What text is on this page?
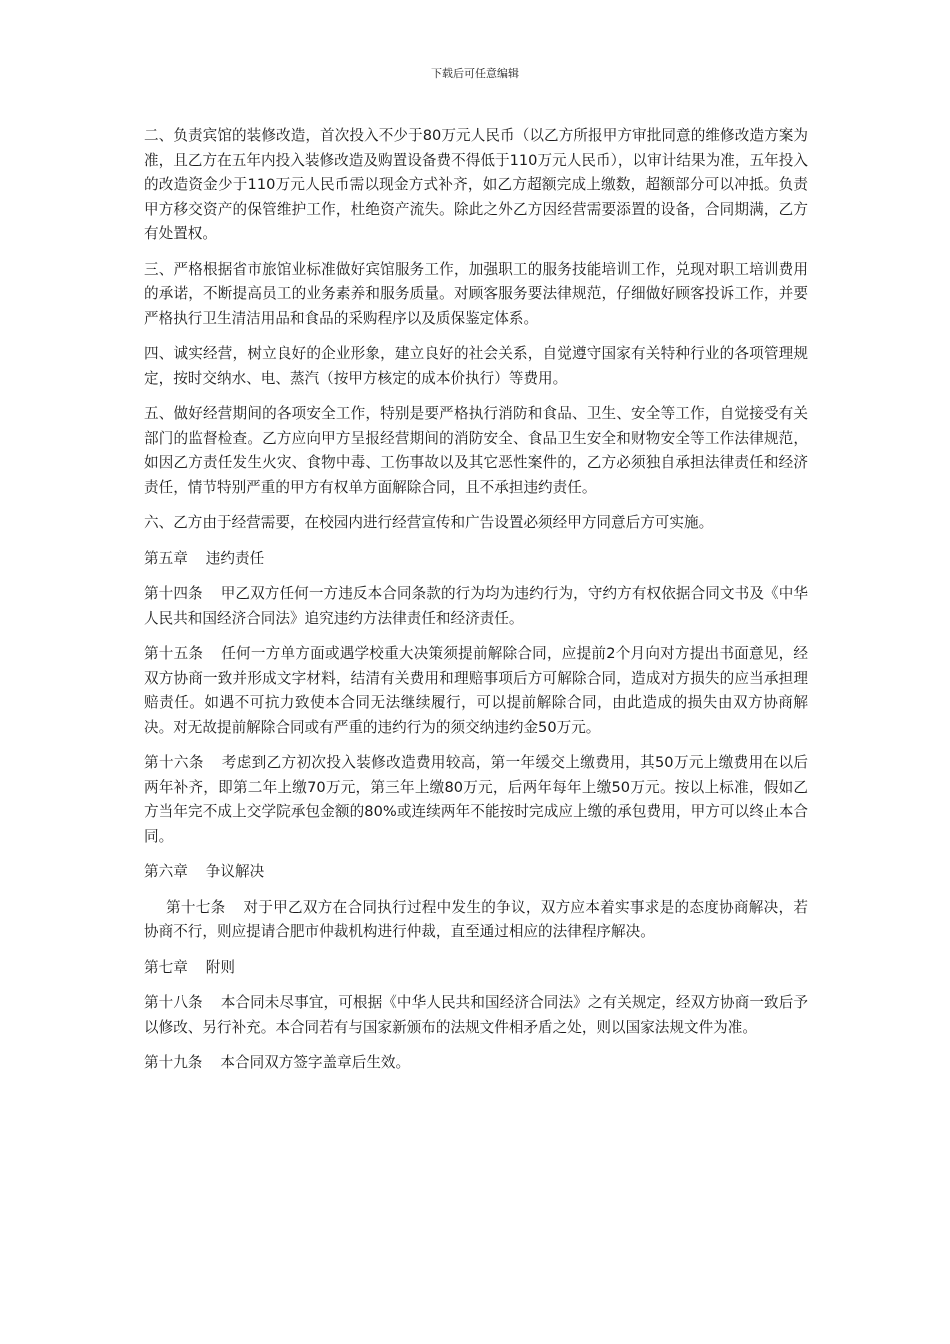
下载后可任意编辑

二、负责宾馆的装修改造，首次投入不少于80万元人民币（以乙方所报甲方审批同意的维修改造方案为准，且乙方在五年内投入装修改造及购置设备费不得低于110万元人民币），以审计结果为准，五年投入的改造资金少于110万元人民币需以现金方式补齐，如乙方超额完成上缴数，超额部分可以冲抵。负责甲方移交资产的保管维护工作，杜绝资产流失。除此之外乙方因经营需要添置的设备，合同期满，乙方有处置权。

三、严格根据省市旅馆业标准做好宾馆服务工作，加强职工的服务技能培训工作，兑现对职工培训费用的承诺，不断提高员工的业务素养和服务质量。对顾客服务要法律规范，仔细做好顾客投诉工作，并要严格执行卫生清洁用品和食品的采购程序以及质保鉴定体系。

四、诚实经营，树立良好的企业形象，建立良好的社会关系，自觉遵守国家有关特种行业的各项管理规定，按时交纳水、电、蒸汽（按甲方核定的成本价执行）等费用。

五、做好经营期间的各项安全工作，特别是要严格执行消防和食品、卫生、安全等工作，自觉接受有关部门的监督检查。乙方应向甲方呈报经营期间的消防安全、食品卫生安全和财物安全等工作法律规范，如因乙方责任发生火灾、食物中毒、工伤事故以及其它恶性案件的，乙方必须独自承担法律责任和经济责任，情节特别严重的甲方有权单方面解除合同，且不承担违约责任。

六、乙方由于经营需要，在校园内进行经营宣传和广告设置必须经甲方同意后方可实施。

第五章 违约责任

第十四条 甲乙双方任何一方违反本合同条款的行为均为违约行为，守约方有权依据合同文书及《中华人民共和国经济合同法》追究违约方法律责任和经济责任。

第十五条 任何一方单方面或遇学校重大决策须提前解除合同，应提前2个月向对方提出书面意见，经双方协商一致并形成文字材料，结清有关费用和理赔事项后方可解除合同，造成对方损失的应当承担理赔责任。如遇不可抗力致使本合同无法继续履行，可以提前解除合同，由此造成的损失由双方协商解决。对无故提前解除合同或有严重的违约行为的须交纳违约金50万元。

第十六条 考虑到乙方初次投入装修改造费用较高，第一年缓交上缴费用，其50万元上缴费用在以后两年补齐，即第二年上缴70万元，第三年上缴80万元，后两年每年上缴50万元。按以上标准，假如乙方当年完不成上交学院承包金额的80%或连续两年不能按时完成应上缴的承包费用，甲方可以终止本合同。

第六章 争议解决

第十七条 对于甲乙双方在合同执行过程中发生的争议，双方应本着实事求是的态度协商解决，若协商不行，则应提请合肥市仲裁机构进行仲裁，直至通过相应的法律程序解决。

第七章 附则

第十八条 本合同未尽事宜，可根据《中华人民共和国经济合同法》之有关规定，经双方协商一致后予以修改、另行补充。本合同若有与国家新颁布的法规文件相矛盾之处，则以国家法规文件为准。

第十九条 本合同双方签字盖章后生效。
